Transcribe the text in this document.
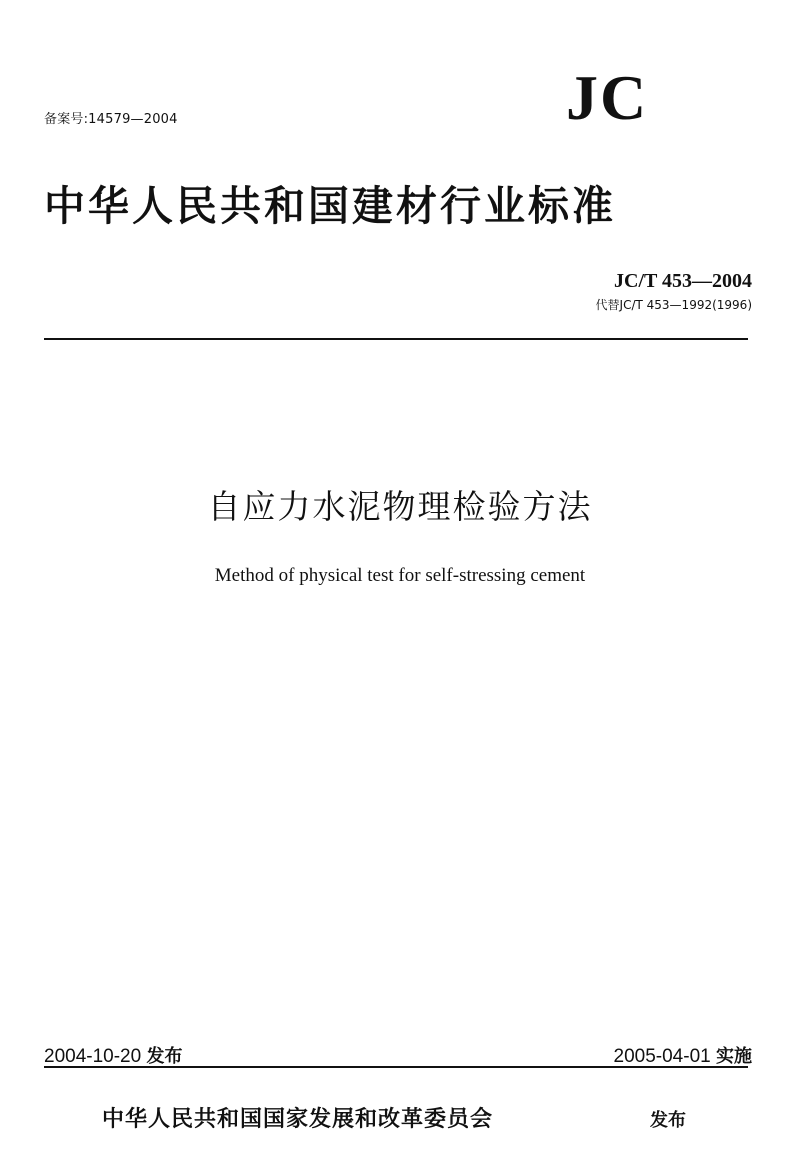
备案号:14579—2004	JC
中华人民共和国建材行业标准
JC/T 453—2004
代替JC/T 453—1992(1996)
自应力水泥物理检验方法
Method of physical test for self-stressing cement
2004-10-20 发布	2005-04-01 实施
中华人民共和国国家发展和改革委员会	发布
